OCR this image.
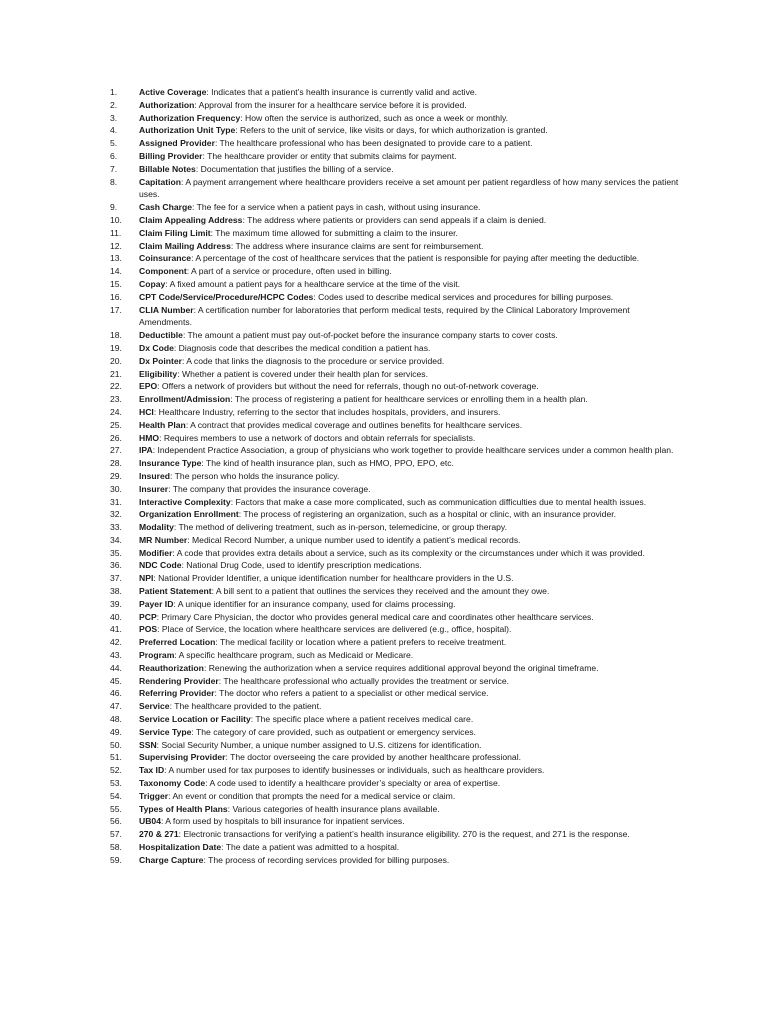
1.	Active Coverage: Indicates that a patient’s health insurance is currently valid and active.
2.	Authorization: Approval from the insurer for a healthcare service before it is provided.
3.	Authorization Frequency: How often the service is authorized, such as once a week or monthly.
4.	Authorization Unit Type: Refers to the unit of service, like visits or days, for which authorization is granted.
5.	Assigned Provider: The healthcare professional who has been designated to provide care to a patient.
6.	Billing Provider: The healthcare provider or entity that submits claims for payment.
7.	Billable Notes: Documentation that justifies the billing of a service.
8.	Capitation: A payment arrangement where healthcare providers receive a set amount per patient regardless of how many services the patient uses.
9.	Cash Charge: The fee for a service when a patient pays in cash, without using insurance.
10.	Claim Appealing Address: The address where patients or providers can send appeals if a claim is denied.
11.	Claim Filing Limit: The maximum time allowed for submitting a claim to the insurer.
12.	Claim Mailing Address: The address where insurance claims are sent for reimbursement.
13.	Coinsurance: A percentage of the cost of healthcare services that the patient is responsible for paying after meeting the deductible.
14.	Component: A part of a service or procedure, often used in billing.
15.	Copay: A fixed amount a patient pays for a healthcare service at the time of the visit.
16.	CPT Code/Service/Procedure/HCPC Codes: Codes used to describe medical services and procedures for billing purposes.
17.	CLIA Number: A certification number for laboratories that perform medical tests, required by the Clinical Laboratory Improvement Amendments.
18.	Deductible: The amount a patient must pay out-of-pocket before the insurance company starts to cover costs.
19.	Dx Code: Diagnosis code that describes the medical condition a patient has.
20.	Dx Pointer: A code that links the diagnosis to the procedure or service provided.
21.	Eligibility: Whether a patient is covered under their health plan for services.
22.	EPO: Offers a network of providers but without the need for referrals, though no out-of-network coverage.
23.	Enrollment/Admission: The process of registering a patient for healthcare services or enrolling them in a health plan.
24.	HCI: Healthcare Industry, referring to the sector that includes hospitals, providers, and insurers.
25.	Health Plan: A contract that provides medical coverage and outlines benefits for healthcare services.
26.	HMO: Requires members to use a network of doctors and obtain referrals for specialists.
27.	IPA: Independent Practice Association, a group of physicians who work together to provide healthcare services under a common health plan.
28.	Insurance Type: The kind of health insurance plan, such as HMO, PPO, EPO, etc.
29.	Insured: The person who holds the insurance policy.
30.	Insurer: The company that provides the insurance coverage.
31.	Interactive Complexity: Factors that make a case more complicated, such as communication difficulties due to mental health issues.
32.	Organization Enrollment: The process of registering an organization, such as a hospital or clinic, with an insurance provider.
33.	Modality: The method of delivering treatment, such as in-person, telemedicine, or group therapy.
34.	MR Number: Medical Record Number, a unique number used to identify a patient’s medical records.
35.	Modifier: A code that provides extra details about a service, such as its complexity or the circumstances under which it was provided.
36.	NDC Code: National Drug Code, used to identify prescription medications.
37.	NPI: National Provider Identifier, a unique identification number for healthcare providers in the U.S.
38.	Patient Statement: A bill sent to a patient that outlines the services they received and the amount they owe.
39.	Payer ID: A unique identifier for an insurance company, used for claims processing.
40.	PCP: Primary Care Physician, the doctor who provides general medical care and coordinates other healthcare services.
41.	POS: Place of Service, the location where healthcare services are delivered (e.g., office, hospital).
42.	Preferred Location: The medical facility or location where a patient prefers to receive treatment.
43.	Program: A specific healthcare program, such as Medicaid or Medicare.
44.	Reauthorization: Renewing the authorization when a service requires additional approval beyond the original timeframe.
45.	Rendering Provider: The healthcare professional who actually provides the treatment or service.
46.	Referring Provider: The doctor who refers a patient to a specialist or other medical service.
47.	Service: The healthcare provided to the patient.
48.	Service Location or Facility: The specific place where a patient receives medical care.
49.	Service Type: The category of care provided, such as outpatient or emergency services.
50.	SSN: Social Security Number, a unique number assigned to U.S. citizens for identification.
51.	Supervising Provider: The doctor overseeing the care provided by another healthcare professional.
52.	Tax ID: A number used for tax purposes to identify businesses or individuals, such as healthcare providers.
53.	Taxonomy Code: A code used to identify a healthcare provider’s specialty or area of expertise.
54.	Trigger: An event or condition that prompts the need for a medical service or claim.
55.	Types of Health Plans: Various categories of health insurance plans available.
56.	UB04: A form used by hospitals to bill insurance for inpatient services.
57.	270 & 271: Electronic transactions for verifying a patient’s health insurance eligibility. 270 is the request, and 271 is the response.
58.	Hospitalization Date: The date a patient was admitted to a hospital.
59.	Charge Capture: The process of recording services provided for billing purposes.
